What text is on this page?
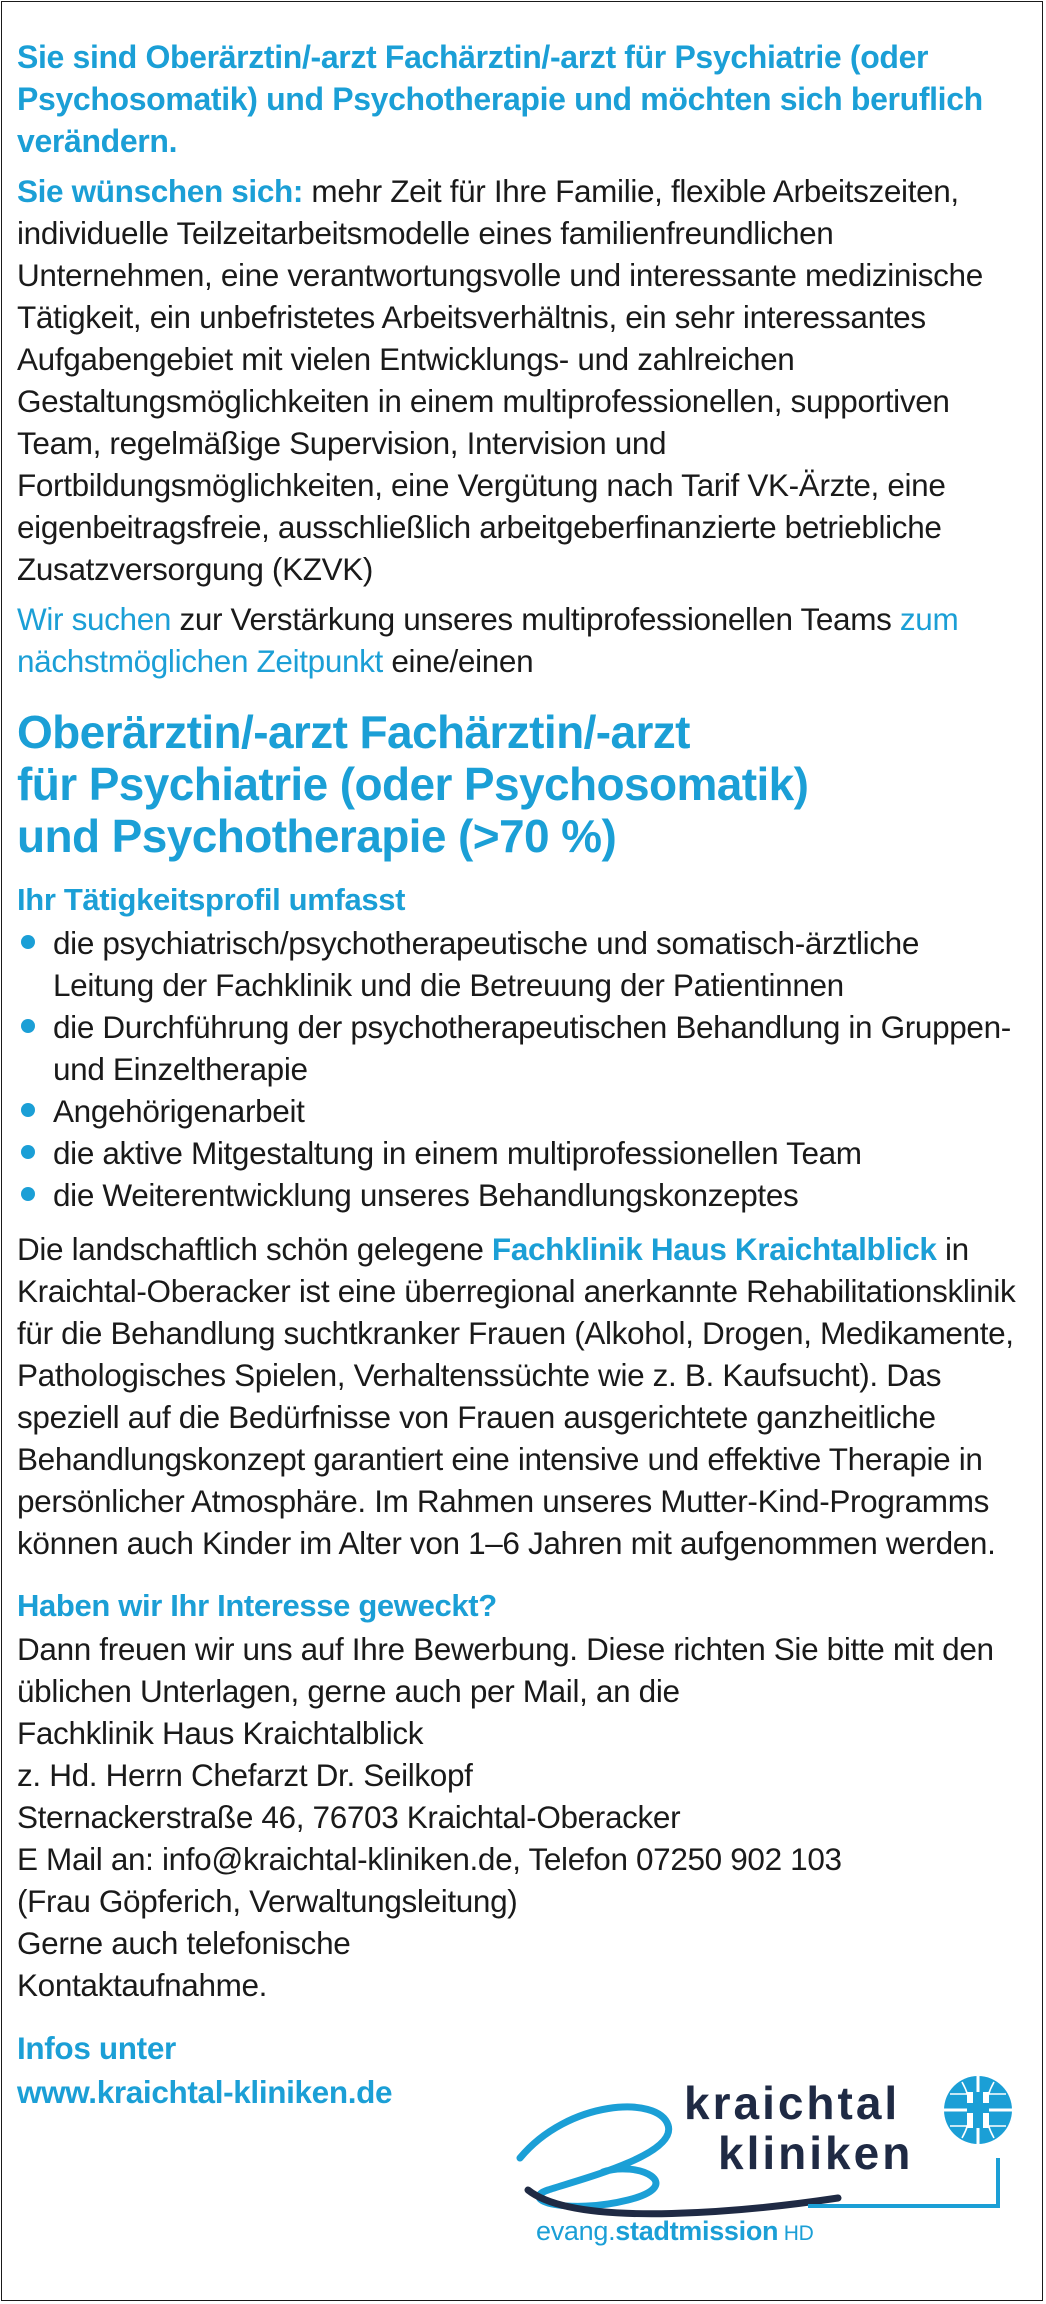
Sie sind Oberärztin/-arzt Fachärztin/-arzt für Psychiatrie (oder Psychosomatik) und Psychotherapie und möchten sich beruflich verändern.

Sie wünschen sich: mehr Zeit für Ihre Familie, flexible Arbeitszeiten, individuelle Teilzeitarbeitsmodelle eines familienfreundlichen Unternehmen, eine verantwortungsvolle und interessante medizinische Tätigkeit, ein unbefristetes Arbeitsverhältnis, ein sehr interessantes Aufgabengebiet mit vielen Entwicklungs- und zahlreichen Gestaltungsmöglichkeiten in einem multiprofessionellen, supportiven Team, regelmäßige Supervision, Intervision und Fortbildungsmöglichkeiten, eine Vergütung nach Tarif VK-Ärzte, eine eigenbeitragsfreie, ausschließlich arbeitgeberfinanzierte betriebliche Zusatzversorgung (KZVK)

Wir suchen zur Verstärkung unseres multiprofessionellen Teams zum nächstmöglichen Zeitpunkt eine/einen

Oberärztin/-arzt Fachärztin/-arzt
für Psychiatrie (oder Psychosomatik)
und Psychotherapie (>70 %)
Ihr Tätigkeitsprofil umfasst
die psychiatrisch/psychotherapeutische und somatisch-ärztliche Leitung der Fachklinik und die Betreuung der Patientinnen
die Durchführung der psychotherapeutischen Behandlung in Gruppen- und Einzeltherapie
Angehörigenarbeit
die aktive Mitgestaltung in einem multiprofessionellen Team
die Weiterentwicklung unseres Behandlungskonzeptes

Die landschaftlich schön gelegene Fachklinik Haus Kraichtalblick in Kraichtal-Oberacker ist eine überregional anerkannte Rehabilitationsklinik für die Behandlung suchtkranker Frauen (Alkohol, Drogen, Medikamente, Pathologisches Spielen, Verhaltenssüchte wie z. B. Kaufsucht). Das speziell auf die Bedürfnisse von Frauen ausgerichtete ganzheitliche Behandlungskonzept garantiert eine intensive und effektive Therapie in persönlicher Atmosphäre. Im Rahmen unseres Mutter-Kind-Programms können auch Kinder im Alter von 1–6 Jahren mit aufgenommen werden.

Haben wir Ihr Interesse geweckt?

Dann freuen wir uns auf Ihre Bewerbung. Diese richten Sie bitte mit den üblichen Unterlagen, gerne auch per Mail, an die

Fachklinik Haus Kraichtalblick
z. Hd. Herrn Chefarzt Dr. Seilkopf
Sternackerstraße 46, 76703 Kraichtal-Oberacker
E Mail an: info@kraichtal-kliniken.de, Telefon 07250 902 103
(Frau Göpferich, Verwaltungsleitung)
Gerne auch telefonische
Kontaktaufnahme.
Infos unter
www.kraichtal-kliniken.de	kraichtal
kliniken
evang.stadtmission HD
